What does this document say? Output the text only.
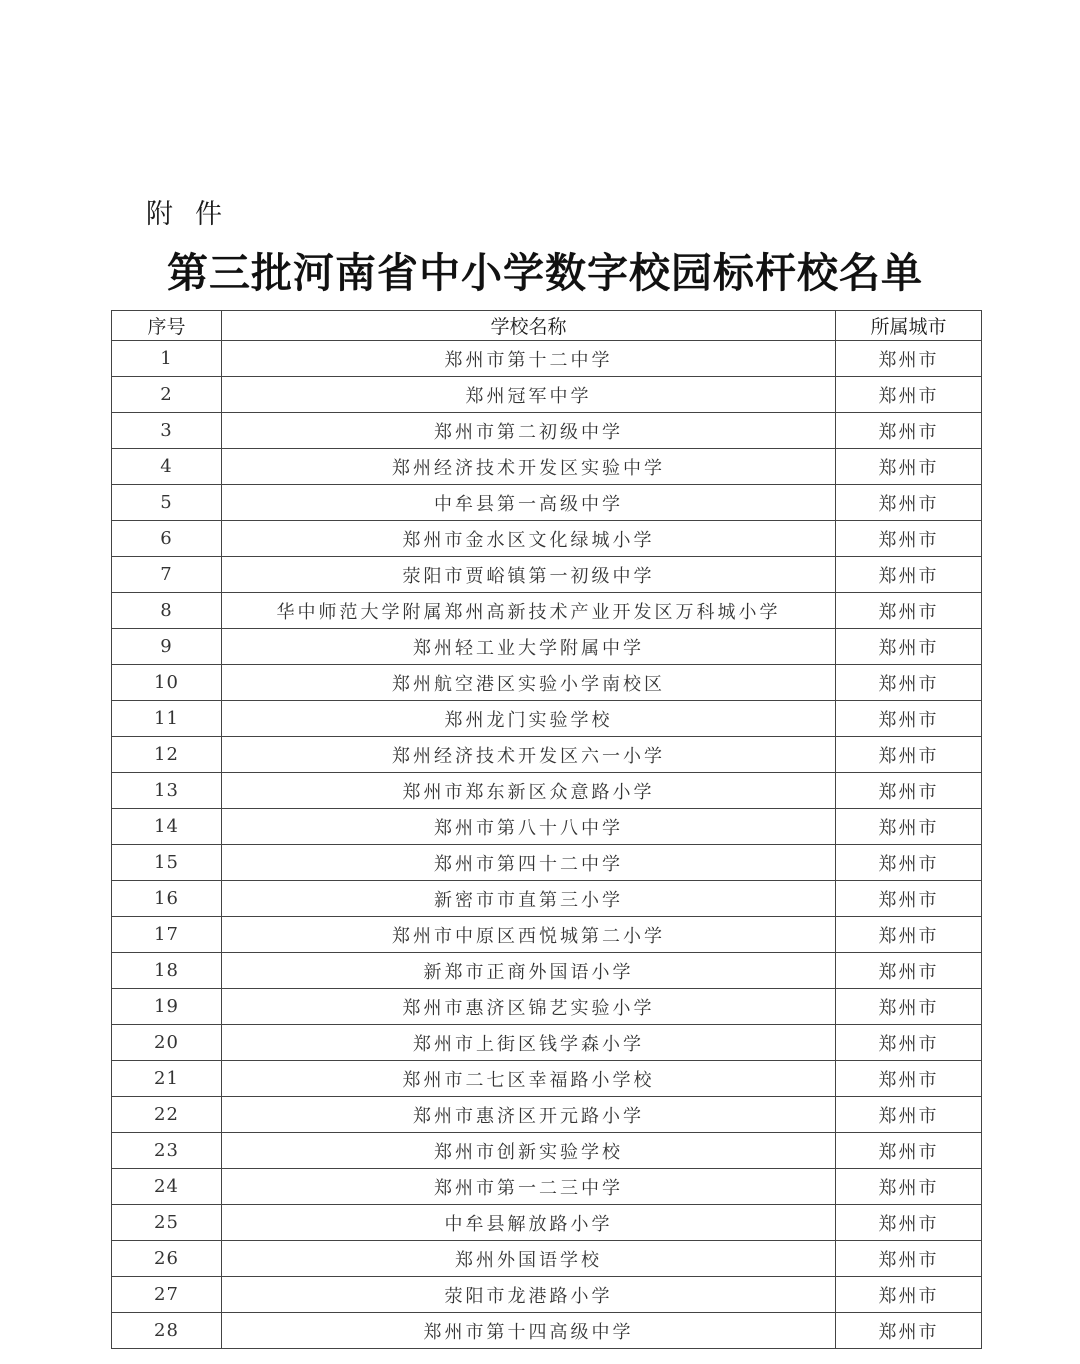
附件
第三批河南省中小学数字校园标杆校名单
序号	学校名称	所属城市
1	郑州市第十二中学	郑州市
2	郑州冠军中学	郑州市
3	郑州市第二初级中学	郑州市
4	郑州经济技术开发区实验中学	郑州市
5	中牟县第一高级中学	郑州市
6	郑州市金水区文化绿城小学	郑州市
7	荥阳市贾峪镇第一初级中学	郑州市
8	华中师范大学附属郑州高新技术产业开发区万科城小学	郑州市
9	郑州轻工业大学附属中学	郑州市
10	郑州航空港区实验小学南校区	郑州市
11	郑州龙门实验学校	郑州市
12	郑州经济技术开发区六一小学	郑州市
13	郑州市郑东新区众意路小学	郑州市
14	郑州市第八十八中学	郑州市
15	郑州市第四十二中学	郑州市
16	新密市市直第三小学	郑州市
17	郑州市中原区西悦城第二小学	郑州市
18	新郑市正商外国语小学	郑州市
19	郑州市惠济区锦艺实验小学	郑州市
20	郑州市上街区钱学森小学	郑州市
21	郑州市二七区幸福路小学校	郑州市
22	郑州市惠济区开元路小学	郑州市
23	郑州市创新实验学校	郑州市
24	郑州市第一二三中学	郑州市
25	中牟县解放路小学	郑州市
26	郑州外国语学校	郑州市
27	荥阳市龙港路小学	郑州市
28	郑州市第十四高级中学	郑州市
